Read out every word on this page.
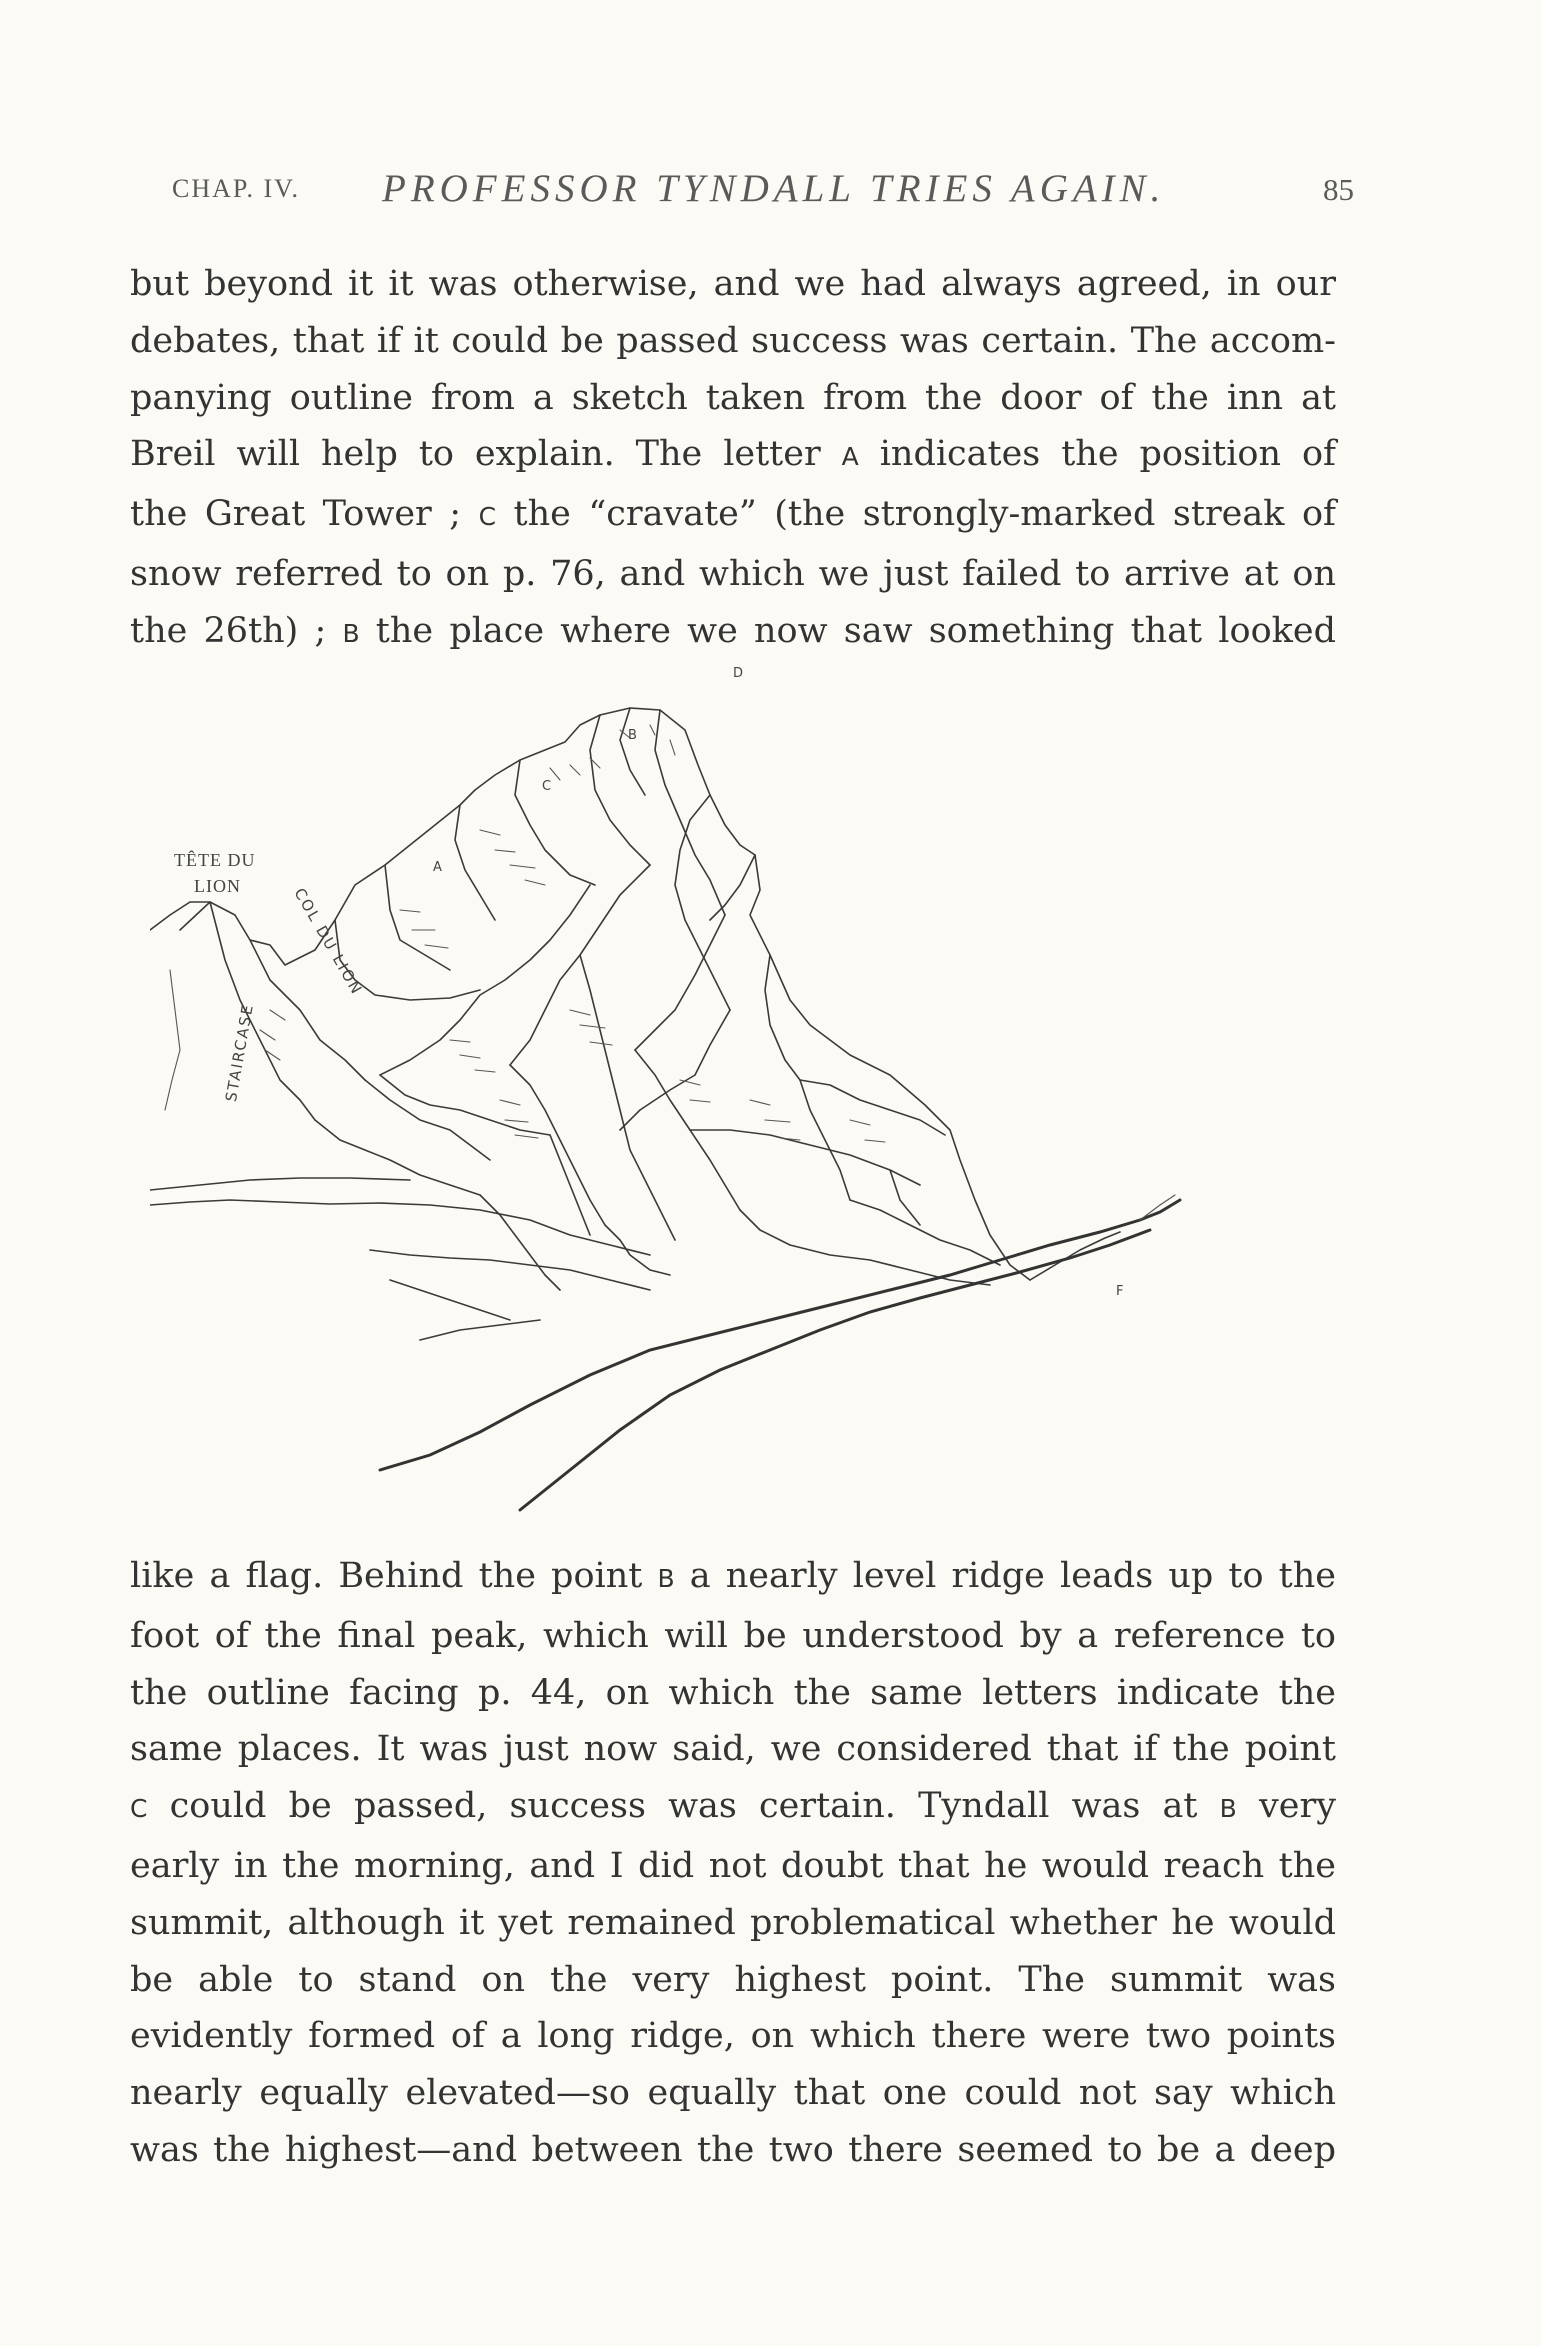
CHAP. IV. PROFESSOR TYNDALL TRIES AGAIN.	85
but beyond it it was otherwise, and we had always agreed, in our
debates, that if it could be passed success was certain. The accom-
panying outline from a sketch taken from the door of the inn at
Breil will help to explain. The letter A indicates the position of
the Great Tower ; C the “cravate” (the strongly-marked streak of
snow referred to on p. 76, and which we just failed to arrive at on
the 26th) ; B the place where we now saw something that looked
D
B
C
A
F
TÊTE DU
LION	COL DU LION
STAIRCASE
like a flag. Behind the point B a nearly level ridge leads up to the
foot of the final peak, which will be understood by a reference to
the outline facing p. 44, on which the same letters indicate the
same places. It was just now said, we considered that if the point
C could be passed, success was certain. Tyndall was at B very
early in the morning, and I did not doubt that he would reach the
summit, although it yet remained problematical whether he would
be able to stand on the very highest point. The summit was
evidently formed of a long ridge, on which there were two points
nearly equally elevated—so equally that one could not say which
was the highest—and between the two there seemed to be a deep
